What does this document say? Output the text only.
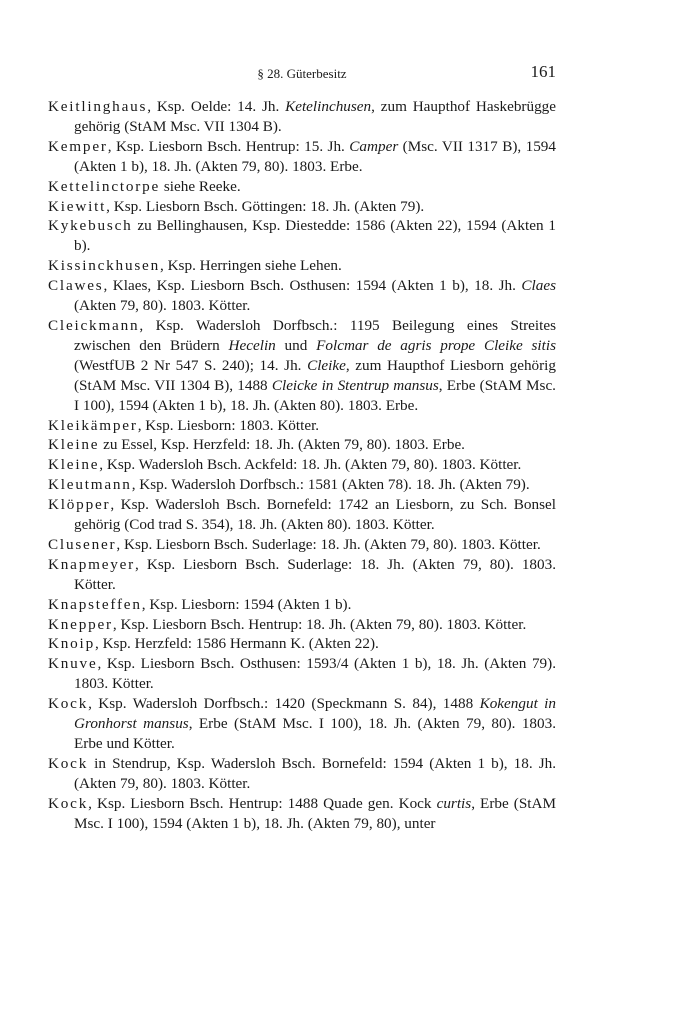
§ 28. Güterbesitz	161

Keitlinghaus, Ksp. Oelde: 14. Jh. Ketelinchusen, zum Haupthof Haskebrügge gehörig (StAM Msc. VII 1304 B).

Kemper, Ksp. Liesborn Bsch. Hentrup: 15. Jh. Camper (Msc. VII 1317 B), 1594 (Akten 1 b), 18. Jh. (Akten 79, 80). 1803. Erbe.

Kettelinctorpe siehe Reeke.

Kiewitt, Ksp. Liesborn Bsch. Göttingen: 18. Jh. (Akten 79).

Kykebusch zu Bellinghausen, Ksp. Diestedde: 1586 (Akten 22), 1594 (Akten 1 b).

Kissinckhusen, Ksp. Herringen siehe Lehen.

Clawes, Klaes, Ksp. Liesborn Bsch. Osthusen: 1594 (Akten 1 b), 18. Jh. Claes (Akten 79, 80). 1803. Kötter.

Cleickmann, Ksp. Wadersloh Dorfbsch.: 1195 Beilegung eines Streites zwischen den Brüdern Hecelin und Folcmar de agris prope Cleike sitis (WestfUB 2 Nr 547 S. 240); 14. Jh. Cleike, zum Haupthof Liesborn gehörig (StAM Msc. VII 1304 B), 1488 Cleicke in Stentrup mansus, Erbe (StAM Msc. I 100), 1594 (Akten 1 b), 18. Jh. (Akten 80). 1803. Erbe.

Kleikämper, Ksp. Liesborn: 1803. Kötter.

Kleine zu Essel, Ksp. Herzfeld: 18. Jh. (Akten 79, 80). 1803. Erbe.

Kleine, Ksp. Wadersloh Bsch. Ackfeld: 18. Jh. (Akten 79, 80). 1803. Kötter.

Kleutmann, Ksp. Wadersloh Dorfbsch.: 1581 (Akten 78). 18. Jh. (Akten 79).

Klöpper, Ksp. Wadersloh Bsch. Bornefeld: 1742 an Liesborn, zu Sch. Bonsel gehörig (Cod trad S. 354), 18. Jh. (Akten 80). 1803. Kötter.

Clusener, Ksp. Liesborn Bsch. Suderlage: 18. Jh. (Akten 79, 80). 1803. Kötter.

Knapmeyer, Ksp. Liesborn Bsch. Suderlage: 18. Jh. (Akten 79, 80). 1803. Kötter.

Knapsteffen, Ksp. Liesborn: 1594 (Akten 1 b).

Knepper, Ksp. Liesborn Bsch. Hentrup: 18. Jh. (Akten 79, 80). 1803. Kötter.

Knoip, Ksp. Herzfeld: 1586 Hermann K. (Akten 22).

Knuve, Ksp. Liesborn Bsch. Osthusen: 1593/4 (Akten 1 b), 18. Jh. (Akten 79). 1803. Kötter.

Kock, Ksp. Wadersloh Dorfbsch.: 1420 (Speckmann S. 84), 1488 Kokengut in Gronhorst mansus, Erbe (StAM Msc. I 100), 18. Jh. (Akten 79, 80). 1803. Erbe und Kötter.

Kock in Stendrup, Ksp. Wadersloh Bsch. Bornefeld: 1594 (Akten 1 b), 18. Jh. (Akten 79, 80). 1803. Kötter.

Kock, Ksp. Liesborn Bsch. Hentrup: 1488 Quade gen. Kock curtis, Erbe (StAM Msc. I 100), 1594 (Akten 1 b), 18. Jh. (Akten 79, 80), unter
